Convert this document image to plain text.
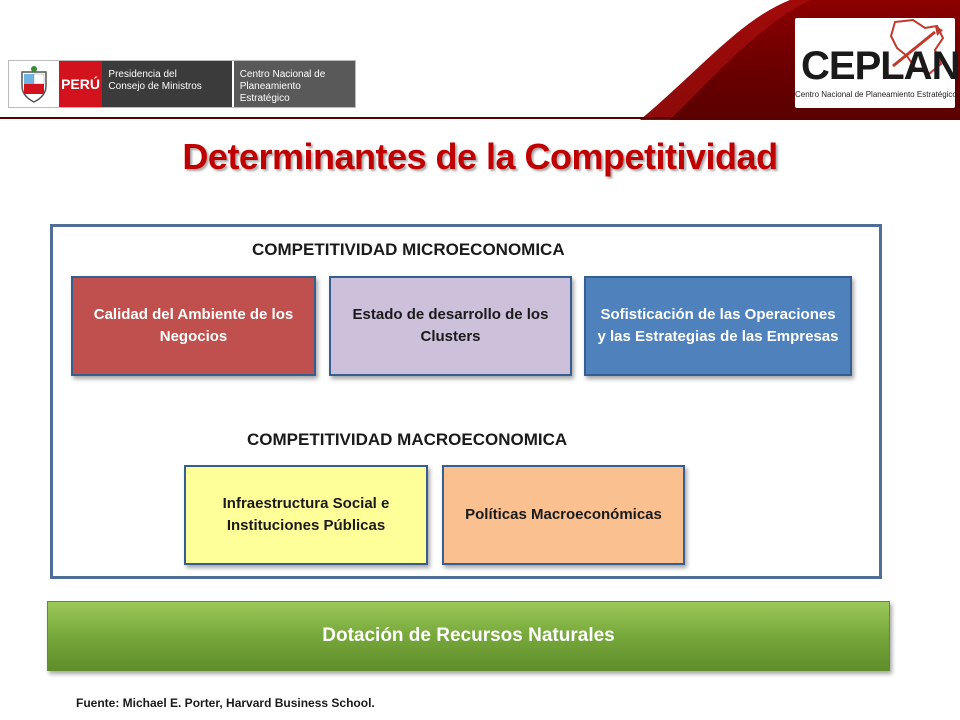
PERÚ
Presidencia del
Consejo de Ministros
Centro Nacional de
Planeamiento Estratégico
CEPLAN
Centro Nacional de Planeamiento Estratégico
Determinantes de la Competitividad
COMPETITIVIDAD MICROECONOMICA
Calidad del Ambiente de los Negocios
Estado de desarrollo de los Clusters
Sofisticación de las Operaciones y las Estrategias de las Empresas
COMPETITIVIDAD MACROECONOMICA
Infraestructura Social e Instituciones Públicas
Políticas Macroeconómicas
Dotación de Recursos Naturales
Fuente: Michael E. Porter, Harvard Business School.
